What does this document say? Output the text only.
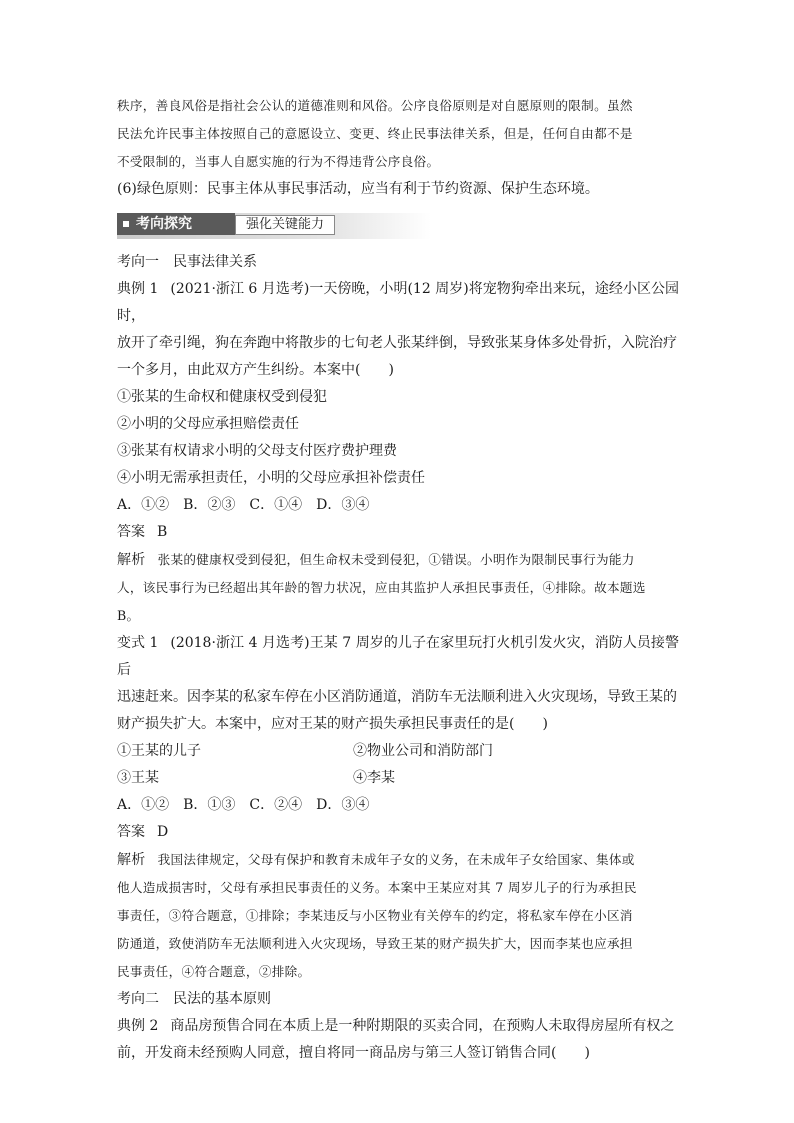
秩序，善良风俗是指社会公认的道德准则和风俗。公序良俗原则是对自愿原则的限制。虽然

民法允许民事主体按照自己的意愿设立、变更、终止民事法律关系，但是，任何自由都不是

不受限制的，当事人自愿实施的行为不得违背公序良俗。

(6)绿色原则：民事主体从事民事活动，应当有利于节约资源、保护生态环境。

考向探究	强化关键能力

考向一　民事法律关系

典例 1 (2021·浙江 6 月选考)一天傍晚，小明(12 周岁)将宠物狗牵出来玩，途经小区公园时，

放开了牵引绳，狗在奔跑中将散步的七旬老人张某绊倒，导致张某身体多处骨折，入院治疗

一个多月，由此双方产生纠纷。本案中(　　)

①张某的生命权和健康权受到侵犯

②小明的父母应承担赔偿责任

③张某有权请求小明的父母支付医疗费护理费

④小明无需承担责任，小明的父母应承担补偿责任

A．①②　B．②③　C．①④　D．③④

答案 B

解析 张某的健康权受到侵犯，但生命权未受到侵犯，①错误。小明作为限制民事行为能力

人，该民事行为已经超出其年龄的智力状况，应由其监护人承担民事责任，④排除。故本题选

B。

变式 1 (2018·浙江 4 月选考)王某 7 周岁的儿子在家里玩打火机引发火灾，消防人员接警后

迅速赶来。因李某的私家车停在小区消防通道，消防车无法顺利进入火灾现场，导致王某的

财产损失扩大。本案中，应对王某的财产损失承担民事责任的是(　　)

①王某的儿子	②物业公司和消防部门
③王某	④李某

A．①②　B．①③　C．②④　D．③④

答案 D

解析 我国法律规定，父母有保护和教育未成年子女的义务，在未成年子女给国家、集体或

他人造成损害时，父母有承担民事责任的义务。本案中王某应对其 7 周岁儿子的行为承担民

事责任，③符合题意，①排除；李某违反与小区物业有关停车的约定，将私家车停在小区消

防通道，致使消防车无法顺利进入火灾现场，导致王某的财产损失扩大，因而李某也应承担

民事责任，④符合题意，②排除。

考向二　民法的基本原则

典例 2 商品房预售合同在本质上是一种附期限的买卖合同，在预购人未取得房屋所有权之

前，开发商未经预购人同意，擅自将同一商品房与第三人签订销售合同(　　)
